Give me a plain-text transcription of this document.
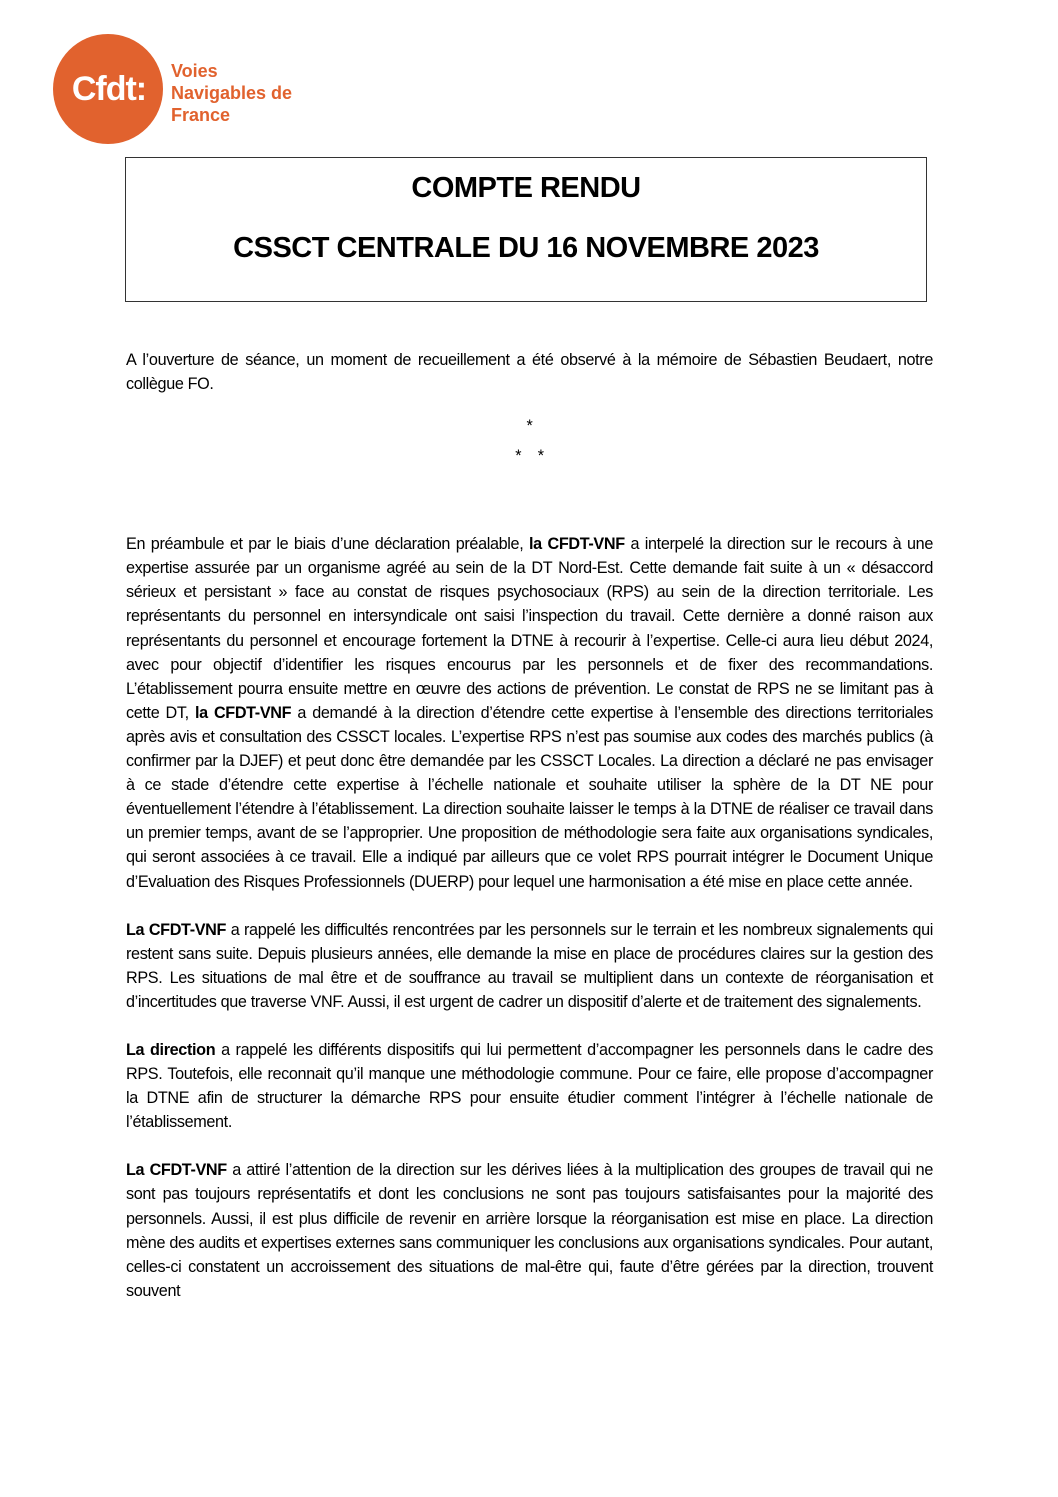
Cfdt: Voies
Navigables de
France
COMPTE RENDU
CSSCT CENTRALE DU 16 NOVEMBRE 2023

A l’ouverture de séance, un moment de recueillement a été observé à la mémoire de Sébastien Beudaert, notre collègue FO.

*
*    *

En préambule et par le biais d’une déclaration préalable, la CFDT-VNF a interpelé la direction sur le recours à une expertise assurée par un organisme agréé au sein de la DT Nord-Est. Cette demande fait suite à un « désaccord sérieux et persistant » face au constat de risques psychosociaux (RPS) au sein de la direction territoriale. Les représentants du personnel en intersyndicale ont saisi l’inspection du travail. Cette dernière a donné raison aux représentants du personnel et encourage fortement la DTNE à recourir à l’expertise. Celle-ci aura lieu début 2024, avec pour objectif d’identifier les risques encourus par les personnels et de fixer des recommandations. L’établissement pourra ensuite mettre en œuvre des actions de prévention. Le constat de RPS ne se limitant pas à cette DT, la CFDT-VNF a demandé à la direction d’étendre cette expertise à l’ensemble des directions territoriales après avis et consultation des CSSCT locales. L’expertise RPS n’est pas soumise aux codes des marchés publics (à confirmer par la DJEF) et peut donc être demandée par les CSSCT Locales. La direction a déclaré ne pas envisager à ce stade d’étendre cette expertise à l’échelle nationale et souhaite utiliser la sphère de la DT NE pour éventuellement l’étendre à l’établissement. La direction souhaite laisser le temps à la DTNE de réaliser ce travail dans un premier temps, avant de se l’approprier. Une proposition de méthodologie sera faite aux organisations syndicales, qui seront associées à ce travail. Elle a indiqué par ailleurs que ce volet RPS pourrait intégrer le Document Unique d’Evaluation des Risques Professionnels (DUERP) pour lequel une harmonisation a été mise en place cette année.

La CFDT-VNF a rappelé les difficultés rencontrées par les personnels sur le terrain et les nombreux signalements qui restent sans suite. Depuis plusieurs années, elle demande la mise en place de procédures claires sur la gestion des RPS. Les situations de mal être et de souffrance au travail se multiplient dans un contexte de réorganisation et d’incertitudes que traverse VNF. Aussi, il est urgent de cadrer un dispositif d’alerte et de traitement des signalements.

La direction a rappelé les différents dispositifs qui lui permettent d’accompagner les personnels dans le cadre des RPS. Toutefois, elle reconnait qu’il manque une méthodologie commune. Pour ce faire, elle propose d’accompagner la DTNE afin de structurer la démarche RPS pour ensuite étudier comment l’intégrer à l’échelle nationale de l’établissement.

La CFDT-VNF a attiré l’attention de la direction sur les dérives liées à la multiplication des groupes de travail qui ne sont pas toujours représentatifs et dont les conclusions ne sont pas toujours satisfaisantes pour la majorité des personnels. Aussi, il est plus difficile de revenir en arrière lorsque la réorganisation est mise en place. La direction mène des audits et expertises externes sans communiquer les conclusions aux organisations syndicales. Pour autant, celles-ci constatent un accroissement des situations de mal-être qui, faute d’être gérées par la direction, trouvent souvent
